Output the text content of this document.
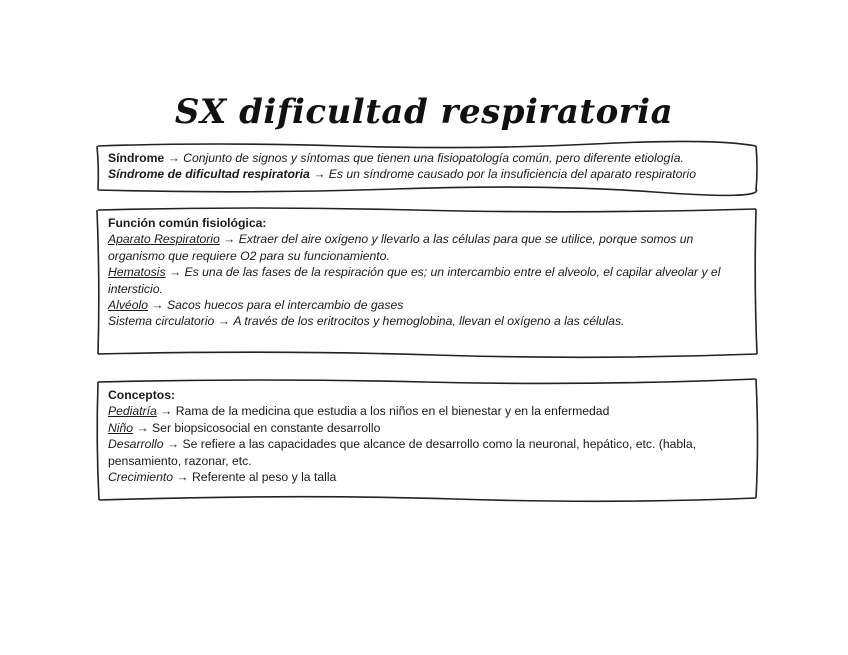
SX dificultad respiratoria
Síndrome → Conjunto de signos y síntomas que tienen una fisiopatología común, pero diferente etiología.
Síndrome de dificultad respiratoria → Es un síndrome causado por la insuficiencia del aparato respiratorio
Función común fisiológica:
Aparato Respiratorio → Extraer del aire oxígeno y llevarlo a las células para que se utilice, porque somos un organismo que requiere O2 para su funcionamiento.
Hematosis → Es una de las fases de la respiración que es; un intercambio entre el alveolo, el capilar alveolar y el intersticio.
Alvéolo → Sacos huecos para el intercambio de gases
Sistema circulatorio → A través de los eritrocitos y hemoglobina, llevan el oxígeno a las células.
Conceptos:
Pediatría → Rama de la medicina que estudia a los niños en el bienestar y en la enfermedad
Niño → Ser biopsicosocial en constante desarrollo
Desarrollo → Se refiere a las capacidades que alcance de desarrollo como la neuronal, hepático, etc. (habla, pensamiento, razonar, etc.
Crecimiento → Referente al peso y la talla
